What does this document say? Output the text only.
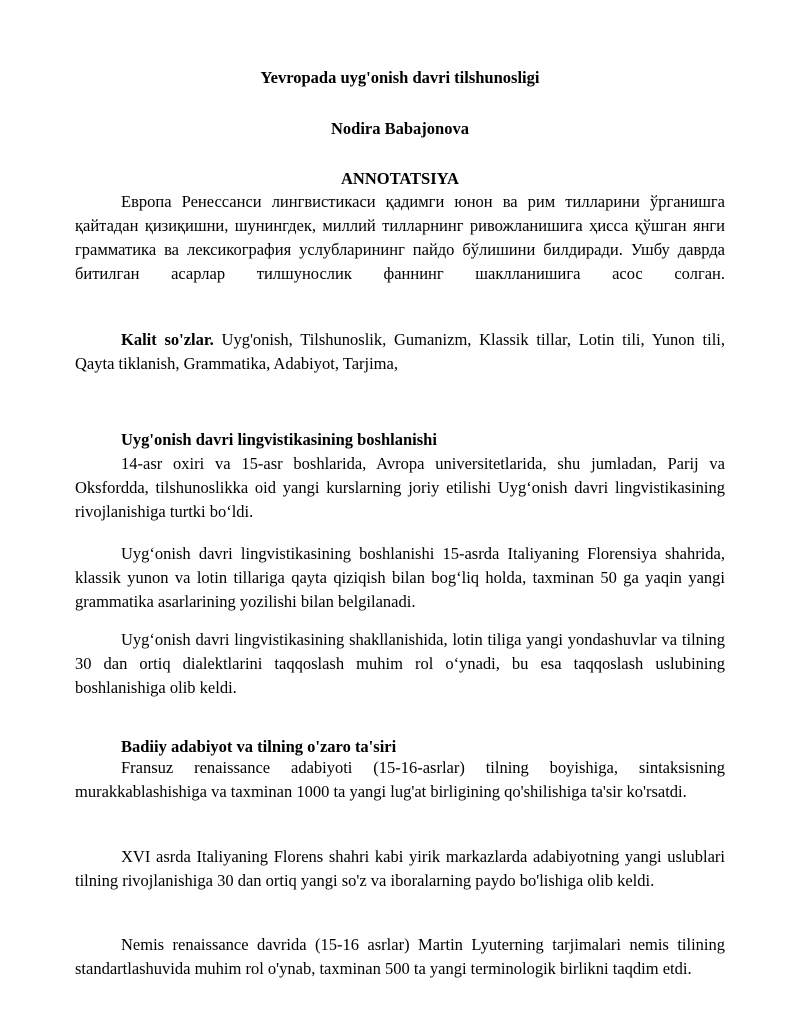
Yevropada uyg'onish davri tilshunosligi
Nodira Babajonova
ANNOTATSIYA

Европа Ренессанси лингвистикаси қадимги юнон ва рим тилларини ўрганишга қайтадан қизиқишни, шунингдек, миллий тилларнинг ривожланишига ҳисса қўшган янги грамматика ва лексикография услубларининг пайдо бўлишини билдиради. Ушбу даврда битилган асарлар тилшунослик фаннинг шаклланишига асос солган.

Kalit so'zlar. Uyg'onish, Tilshunoslik, Gumanizm, Klassik tillar, Lotin tili, Yunon tili, Qayta tiklanish, Grammatika, Adabiyot, Tarjima,

Uyg'onish davri lingvistikasining boshlanishi

14-asr oxiri va 15-asr boshlarida, Avropa universitetlarida, shu jumladan, Parij va Oksfordda, tilshunoslikka oid yangi kurslarning joriy etilishi Uygʻonish davri lingvistikasining rivojlanishiga turtki boʻldi.

Uygʻonish davri lingvistikasining boshlanishi 15-asrda Italiyaning Florensiya shahrida, klassik yunon va lotin tillariga qayta qiziqish bilan bogʻliq holda, taxminan 50 ga yaqin yangi grammatika asarlarining yozilishi bilan belgilanadi.

Uygʻonish davri lingvistikasining shakllanishida, lotin tiliga yangi yondashuvlar va tilning 30 dan ortiq dialektlarini taqqoslash muhim rol oʻynadi, bu esa taqqoslash uslubining boshlanishiga olib keldi.

Badiiy adabiyot va tilning o'zaro ta'siri

Fransuz renaissance adabiyoti (15-16-asrlar) tilning boyishiga, sintaksisning murakkablashishiga va taxminan 1000 ta yangi lug'at birligining qo'shilishiga ta'sir ko'rsatdi.

XVI asrda Italiyaning Florens shahri kabi yirik markazlarda adabiyotning yangi uslublari tilning rivojlanishiga 30 dan ortiq yangi so'z va iboralarning paydo bo'lishiga olib keldi.

Nemis renaissance davrida (15-16 asrlar) Martin Lyuterning tarjimalari nemis tilining standartlashuvida muhim rol o'ynab, taxminan 500 ta yangi terminologik birlikni taqdim etdi.
